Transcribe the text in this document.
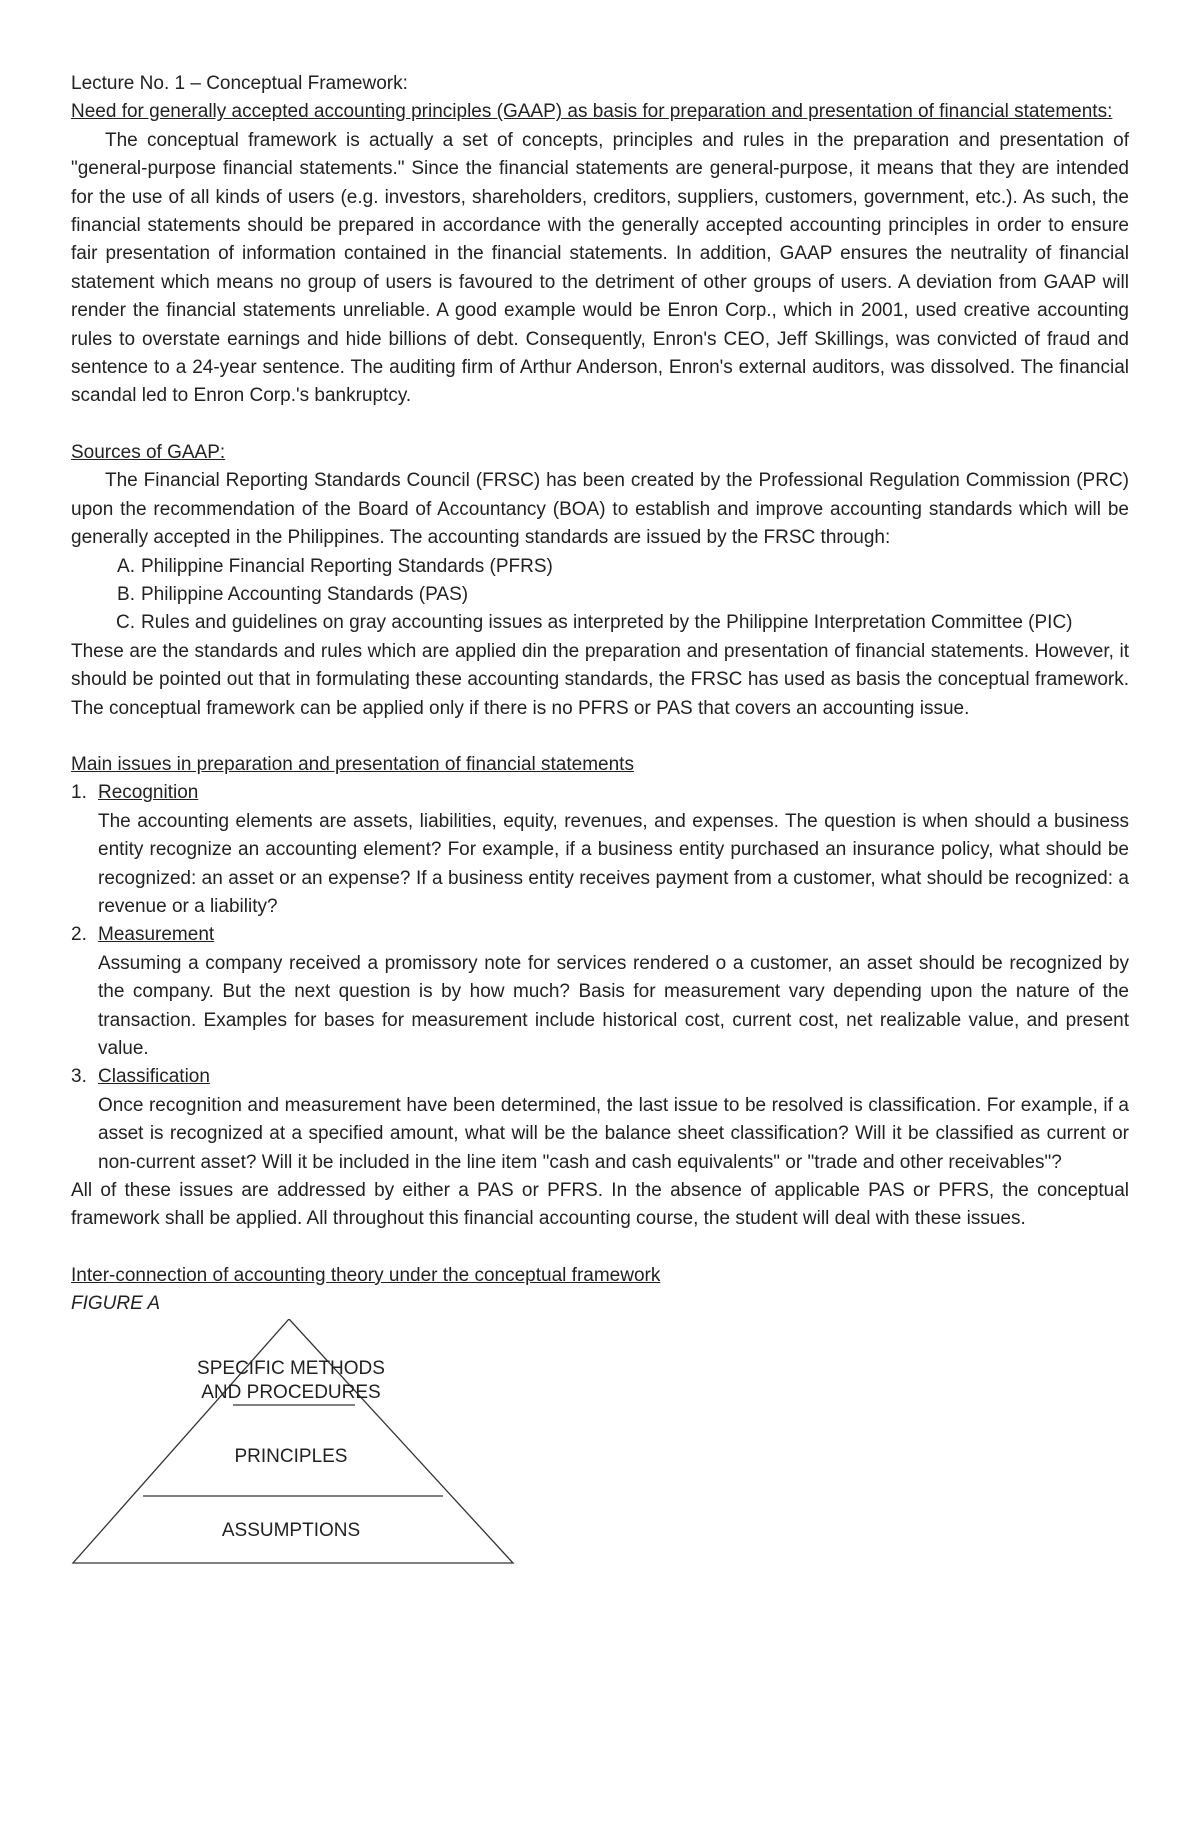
Lecture No. 1 – Conceptual Framework:

Need for generally accepted accounting principles (GAAP) as basis for preparation and presentation of financial statements:

The conceptual framework is actually a set of concepts, principles and rules in the preparation and presentation of "general-purpose financial statements." Since the financial statements are general-purpose, it means that they are intended for the use of all kinds of users (e.g. investors, shareholders, creditors, suppliers, customers, government, etc.). As such, the financial statements should be prepared in accordance with the generally accepted accounting principles in order to ensure fair presentation of information contained in the financial statements. In addition, GAAP ensures the neutrality of financial statement which means no group of users is favoured to the detriment of other groups of users. A deviation from GAAP will render the financial statements unreliable. A good example would be Enron Corp., which in 2001, used creative accounting rules to overstate earnings and hide billions of debt. Consequently, Enron's CEO, Jeff Skillings, was convicted of fraud and sentence to a 24-year sentence. The auditing firm of Arthur Anderson, Enron's external auditors, was dissolved. The financial scandal led to Enron Corp.'s bankruptcy.

Sources of GAAP:

The Financial Reporting Standards Council (FRSC) has been created by the Professional Regulation Commission (PRC) upon the recommendation of the Board of Accountancy (BOA) to establish and improve accounting standards which will be generally accepted in the Philippines. The accounting standards are issued by the FRSC through:

A. Philippine Financial Reporting Standards (PFRS)
B. Philippine Accounting Standards (PAS)
C. Rules and guidelines on gray accounting issues as interpreted by the Philippine Interpretation Committee (PIC)

These are the standards and rules which are applied din the preparation and presentation of financial statements. However, it should be pointed out that in formulating these accounting standards, the FRSC has used as basis the conceptual framework. The conceptual framework can be applied only if there is no PFRS or PAS that covers an accounting issue.

Main issues in preparation and presentation of financial statements

1. Recognition

The accounting elements are assets, liabilities, equity, revenues, and expenses. The question is when should a business entity recognize an accounting element? For example, if a business entity purchased an insurance policy, what should be recognized: an asset or an expense? If a business entity receives payment from a customer, what should be recognized: a revenue or a liability?

2. Measurement

Assuming a company received a promissory note for services rendered o a customer, an asset should be recognized by the company. But the next question is by how much? Basis for measurement vary depending upon the nature of the transaction. Examples for bases for measurement include historical cost, current cost, net realizable value, and present value.

3. Classification

Once recognition and measurement have been determined, the last issue to be resolved is classification. For example, if a asset is recognized at a specified amount, what will be the balance sheet classification? Will it be classified as current or non-current asset? Will it be included in the line item "cash and cash equivalents" or "trade and other receivables"?

All of these issues are addressed by either a PAS or PFRS. In the absence of applicable PAS or PFRS, the conceptual framework shall be applied. All throughout this financial accounting course, the student will deal with these issues.

Inter-connection of accounting theory under the conceptual framework

FIGURE A

SPECIFIC METHODS
AND PROCEDURES
PRINCIPLES
ASSUMPTIONS
